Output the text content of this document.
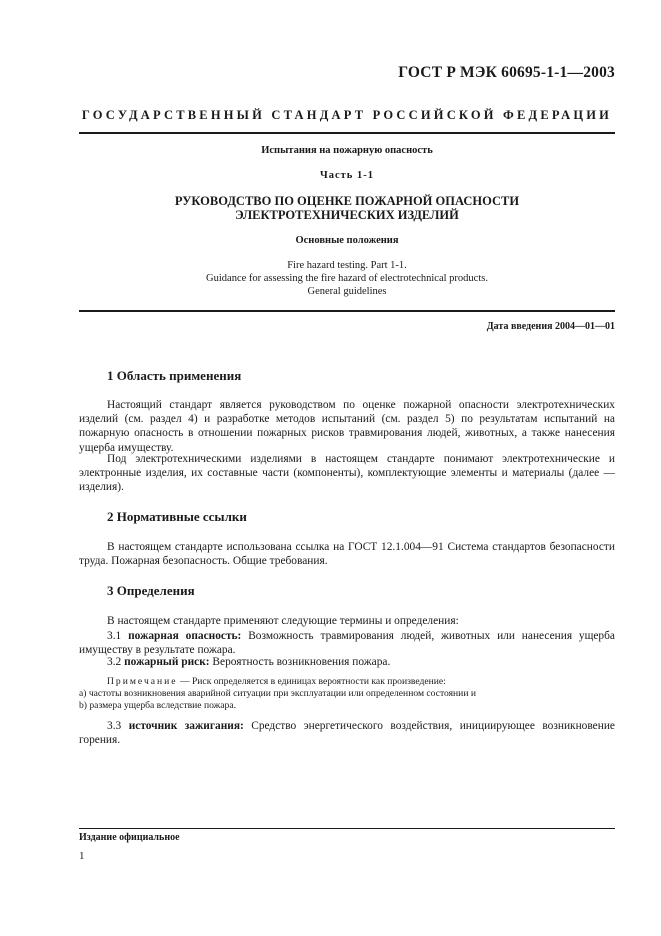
ГОСТ Р МЭК 60695-1-1—2003
ГОСУДАРСТВЕННЫЙ СТАНДАРТ РОССИЙСКОЙ ФЕДЕРАЦИИ
Испытания на пожарную опасность
Часть 1-1
РУКОВОДСТВО ПО ОЦЕНКЕ ПОЖАРНОЙ ОПАСНОСТИ
ЭЛЕКТРОТЕХНИЧЕСКИХ ИЗДЕЛИЙ
Основные положения
Fire hazard testing. Part 1-1.
Guidance for assessing the fire hazard of electrotechnical products.
General guidelines
Дата введения 2004—01—01
1 Область применения

Настоящий стандарт является руководством по оценке пожарной опасности электротехнических изделий (см. раздел 4) и разработке методов испытаний (см. раздел 5) по результатам испытаний на пожарную опасность в отношении пожарных рисков травмирования людей, животных, а также нанесения ущерба имуществу.

Под электротехническими изделиями в настоящем стандарте понимают электротехнические и электронные изделия, их составные части (компоненты), комплектующие элементы и материалы (далее — изделия).

2 Нормативные ссылки

В настоящем стандарте использована ссылка на ГОСТ 12.1.004—91 Система стандартов безопасности труда. Пожарная безопасность. Общие требования.

3 Определения

В настоящем стандарте применяют следующие термины и определения:

3.1 пожарная опасность: Возможность травмирования людей, животных или нанесения ущерба имуществу в результате пожара.

3.2 пожарный риск: Вероятность возникновения пожара.

Примечание — Риск определяется в единицах вероятности как произведение:
a) частоты возникновения аварийной ситуации при эксплуатации или определенном состоянии и
b) размера ущерба вследствие пожара.

3.3 источник зажигания: Средство энергетического воздействия, инициирующее возникновение горения.

Издание официальное
1
